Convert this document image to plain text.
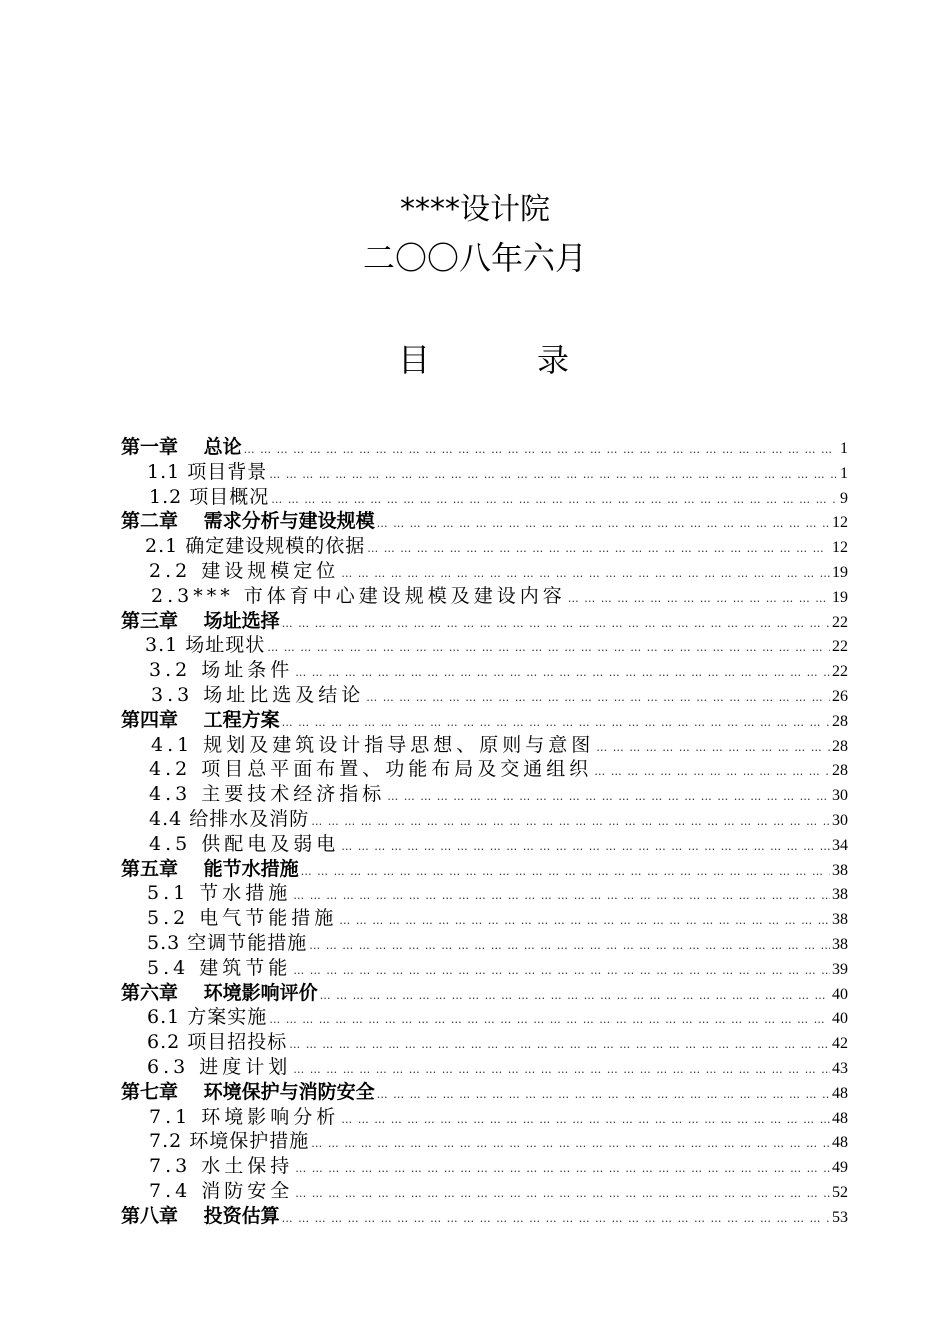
****设计院
二〇〇八年六月
目	录
第一章　 总论 … … … … … … … … … … … … … … … … … … … … … … … … … … … … … … … … … … … … … … … … … … … … … … … … … … … … … … … … … … … … … … … … … …	1
1.1 项目背景 … … … … … … … … … … … … … … … … … … … … … … … … … … … … … … … … … … … … … … … … … … … … … … … … … … … … … … … … … … … … … … … … … …	1
1.2 项目概况 … … … … … … … … … … … … … … … … … … … … … … … … … … … … … … … … … … … … … … … … … … … … … … … … … … … … … … … … … … … … … … … … … …	9
第二章　 需求分析与建设规模 … … … … … … … … … … … … … … … … … … … … … … … … … … … … … … … … … … … … … … … … … … … … … … … … … … … … … … … … … … … … … … … … … …	12
2.1 确定建设规模的依据 … … … … … … … … … … … … … … … … … … … … … … … … … … … … … … … … … … … … … … … … … … … … … … … … … … … … … … … … … … … … … … … … … …	12
2.2 建设规模定位 … … … … … … … … … … … … … … … … … … … … … … … … … … … … … … … … … … … … … … … … … … … … … … … … … … … … … … … … … … … … … … … … … …	19
2.3*** 市体育中心建设规模及建设内容 … … … … … … … … … … … … … … … … … … … … … … … … … … … … … … … … … … … … … … … … … … … … … … … … … … … … … … … … … … … … … … … … … …	19
第三章　 场址选择 … … … … … … … … … … … … … … … … … … … … … … … … … … … … … … … … … … … … … … … … … … … … … … … … … … … … … … … … … … … … … … … … … …	22
3.1 场址现状 … … … … … … … … … … … … … … … … … … … … … … … … … … … … … … … … … … … … … … … … … … … … … … … … … … … … … … … … … … … … … … … … … …	22
3.2 场址条件 … … … … … … … … … … … … … … … … … … … … … … … … … … … … … … … … … … … … … … … … … … … … … … … … … … … … … … … … … … … … … … … … … …	22
3.3 场址比选及结论 … … … … … … … … … … … … … … … … … … … … … … … … … … … … … … … … … … … … … … … … … … … … … … … … … … … … … … … … … … … … … … … … … …	26
第四章　 工程方案 … … … … … … … … … … … … … … … … … … … … … … … … … … … … … … … … … … … … … … … … … … … … … … … … … … … … … … … … … … … … … … … … … …	28
4.1 规划及建筑设计指导思想、原则与意图 … … … … … … … … … … … … … … … … … … … … … … … … … … … … … … … … … … … … … … … … … … … … … … … … … … … … … … … … … … … … … … … … … …	28
4.2 项目总平面布置、功能布局及交通组织 … … … … … … … … … … … … … … … … … … … … … … … … … … … … … … … … … … … … … … … … … … … … … … … … … … … … … … … … … … … … … … … … … …	28
4.3 主要技术经济指标 … … … … … … … … … … … … … … … … … … … … … … … … … … … … … … … … … … … … … … … … … … … … … … … … … … … … … … … … … … … … … … … … … …	30
4.4 给排水及消防 … … … … … … … … … … … … … … … … … … … … … … … … … … … … … … … … … … … … … … … … … … … … … … … … … … … … … … … … … … … … … … … … … …	30
4.5 供配电及弱电 … … … … … … … … … … … … … … … … … … … … … … … … … … … … … … … … … … … … … … … … … … … … … … … … … … … … … … … … … … … … … … … … … …	34
第五章　 能节水措施 … … … … … … … … … … … … … … … … … … … … … … … … … … … … … … … … … … … … … … … … … … … … … … … … … … … … … … … … … … … … … … … … … …	38
5.1 节水措施 … … … … … … … … … … … … … … … … … … … … … … … … … … … … … … … … … … … … … … … … … … … … … … … … … … … … … … … … … … … … … … … … … …	38
5.2 电气节能措施 … … … … … … … … … … … … … … … … … … … … … … … … … … … … … … … … … … … … … … … … … … … … … … … … … … … … … … … … … … … … … … … … … …	38
5.3 空调节能措施 … … … … … … … … … … … … … … … … … … … … … … … … … … … … … … … … … … … … … … … … … … … … … … … … … … … … … … … … … … … … … … … … … …	38
5.4 建筑节能 … … … … … … … … … … … … … … … … … … … … … … … … … … … … … … … … … … … … … … … … … … … … … … … … … … … … … … … … … … … … … … … … … …	39
第六章　 环境影响评价 … … … … … … … … … … … … … … … … … … … … … … … … … … … … … … … … … … … … … … … … … … … … … … … … … … … … … … … … … … … … … … … … … …	40
6.1 方案实施 … … … … … … … … … … … … … … … … … … … … … … … … … … … … … … … … … … … … … … … … … … … … … … … … … … … … … … … … … … … … … … … … … …	40
6.2 项目招投标 … … … … … … … … … … … … … … … … … … … … … … … … … … … … … … … … … … … … … … … … … … … … … … … … … … … … … … … … … … … … … … … … … …	42
6.3 进度计划 … … … … … … … … … … … … … … … … … … … … … … … … … … … … … … … … … … … … … … … … … … … … … … … … … … … … … … … … … … … … … … … … … …	43
第七章　 环境保护与消防安全 … … … … … … … … … … … … … … … … … … … … … … … … … … … … … … … … … … … … … … … … … … … … … … … … … … … … … … … … … … … … … … … … … …	48
7.1 环境影响分析 … … … … … … … … … … … … … … … … … … … … … … … … … … … … … … … … … … … … … … … … … … … … … … … … … … … … … … … … … … … … … … … … … …	48
7.2 环境保护措施 … … … … … … … … … … … … … … … … … … … … … … … … … … … … … … … … … … … … … … … … … … … … … … … … … … … … … … … … … … … … … … … … … …	48
7.3 水土保持 … … … … … … … … … … … … … … … … … … … … … … … … … … … … … … … … … … … … … … … … … … … … … … … … … … … … … … … … … … … … … … … … … …	49
7.4 消防安全 … … … … … … … … … … … … … … … … … … … … … … … … … … … … … … … … … … … … … … … … … … … … … … … … … … … … … … … … … … … … … … … … … …	52
第八章　 投资估算 … … … … … … … … … … … … … … … … … … … … … … … … … … … … … … … … … … … … … … … … … … … … … … … … … … … … … … … … … … … … … … … … … …	53
